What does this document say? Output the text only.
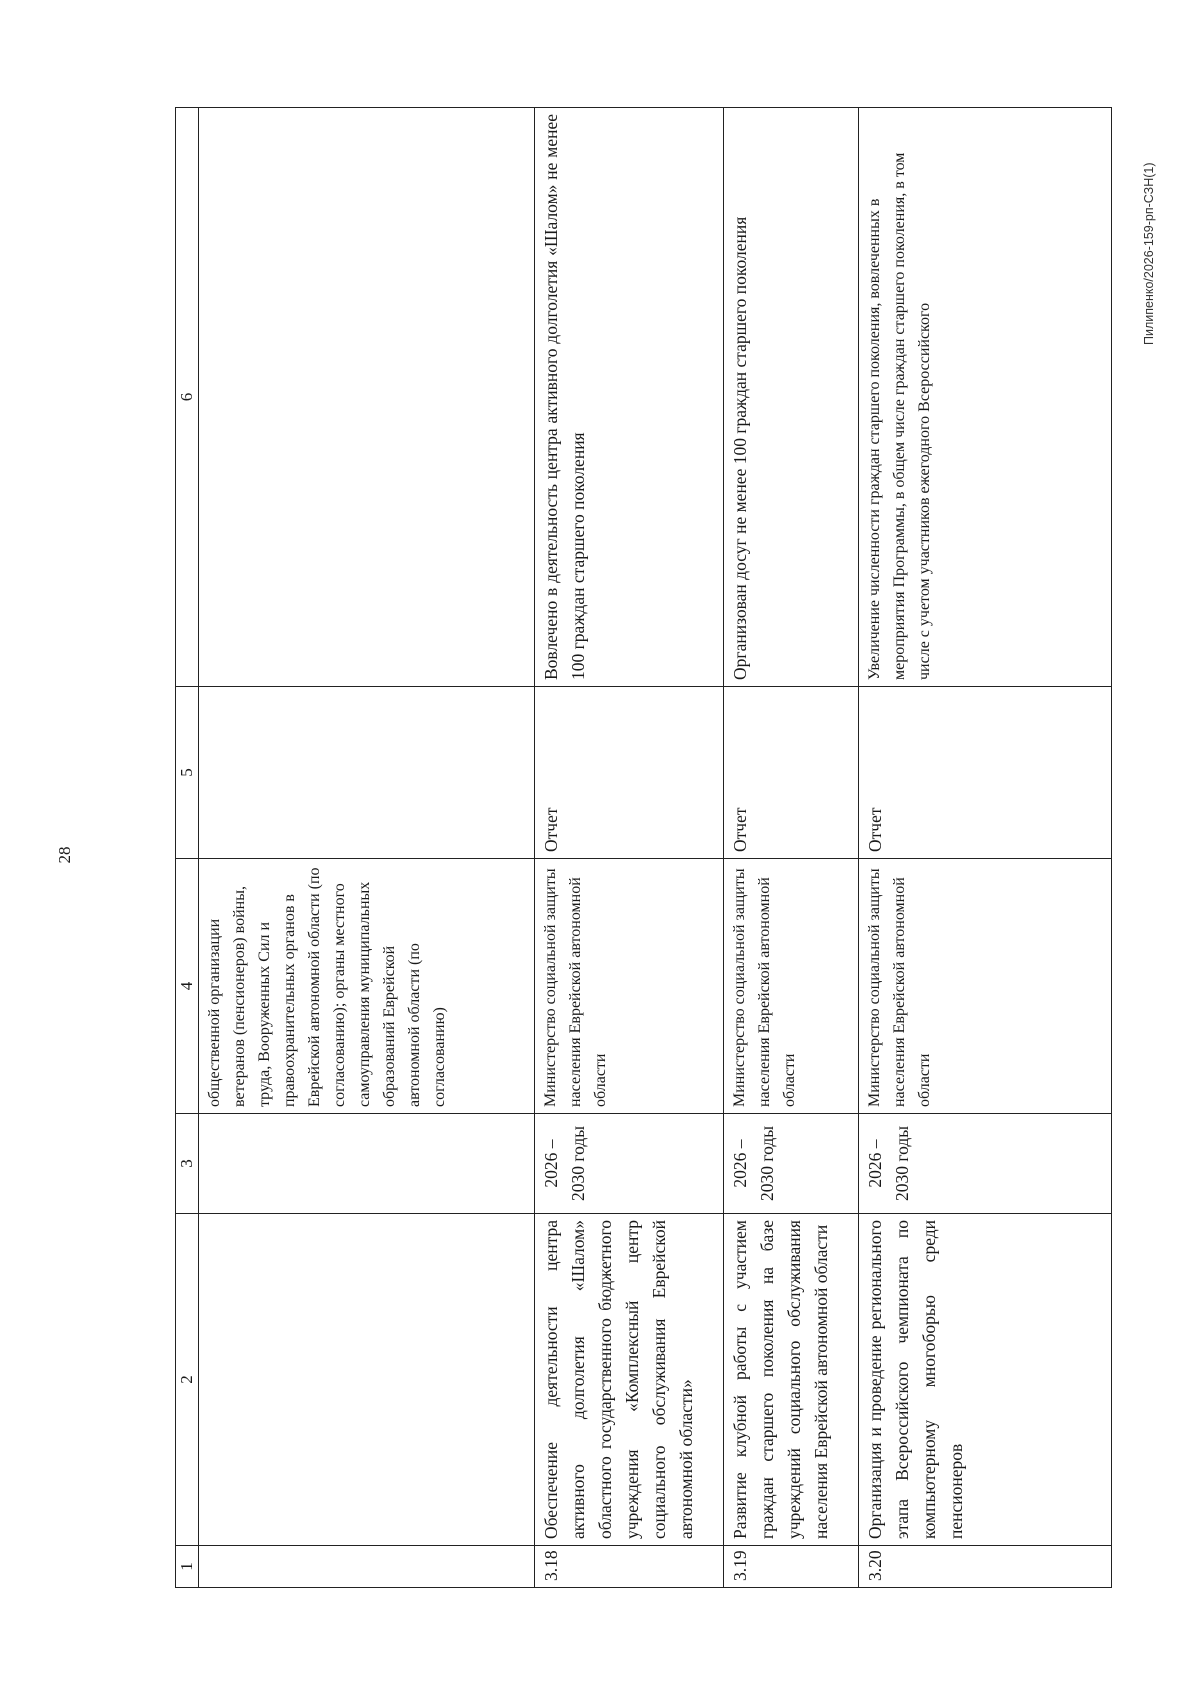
28
Пилипенко/2026-159-рп-СЗН(1)
1	2	3	4	5	6
			общественной организации ветеранов (пенсионеров) войны, труда, Вооруженных Сил и правоохранительных органов в Еврейской автономной области (по согласованию); органы местного самоуправления муниципальных образований Еврейской автономной области (по согласованию)		
3.18	Обеспечение деятельности центра активного долголетия «Шалом» областного государственного бюджетного учреждения «Комплексный центр социального обслуживания Еврейской автономной области»	2026 – 2030 годы	Министерство социальной защиты населения Еврейской автономной области	Отчет	Вовлечено в деятельность центра активного долголетия «Шалом» не менее 100 граждан старшего поколения
3.19	Развитие клубной работы с участием граждан старшего поколения на базе учреждений социального обслуживания населения Еврейской автономной области	2026 – 2030 годы	Министерство социальной защиты населения Еврейской автономной области	Отчет	Организован досуг не менее 100 граждан старшего поколения
3.20	Организация и проведение регионального этапа Всероссийского чемпионата по компьютерному многоборью среди пенсионеров	2026 – 2030 годы	Министерство социальной защиты населения Еврейской автономной области	Отчет	Увеличение численности граждан старшего поколения, вовлеченных в мероприятия Программы, в общем числе граждан старшего поколения, в том числе с учетом участников ежегодного Всероссийского
